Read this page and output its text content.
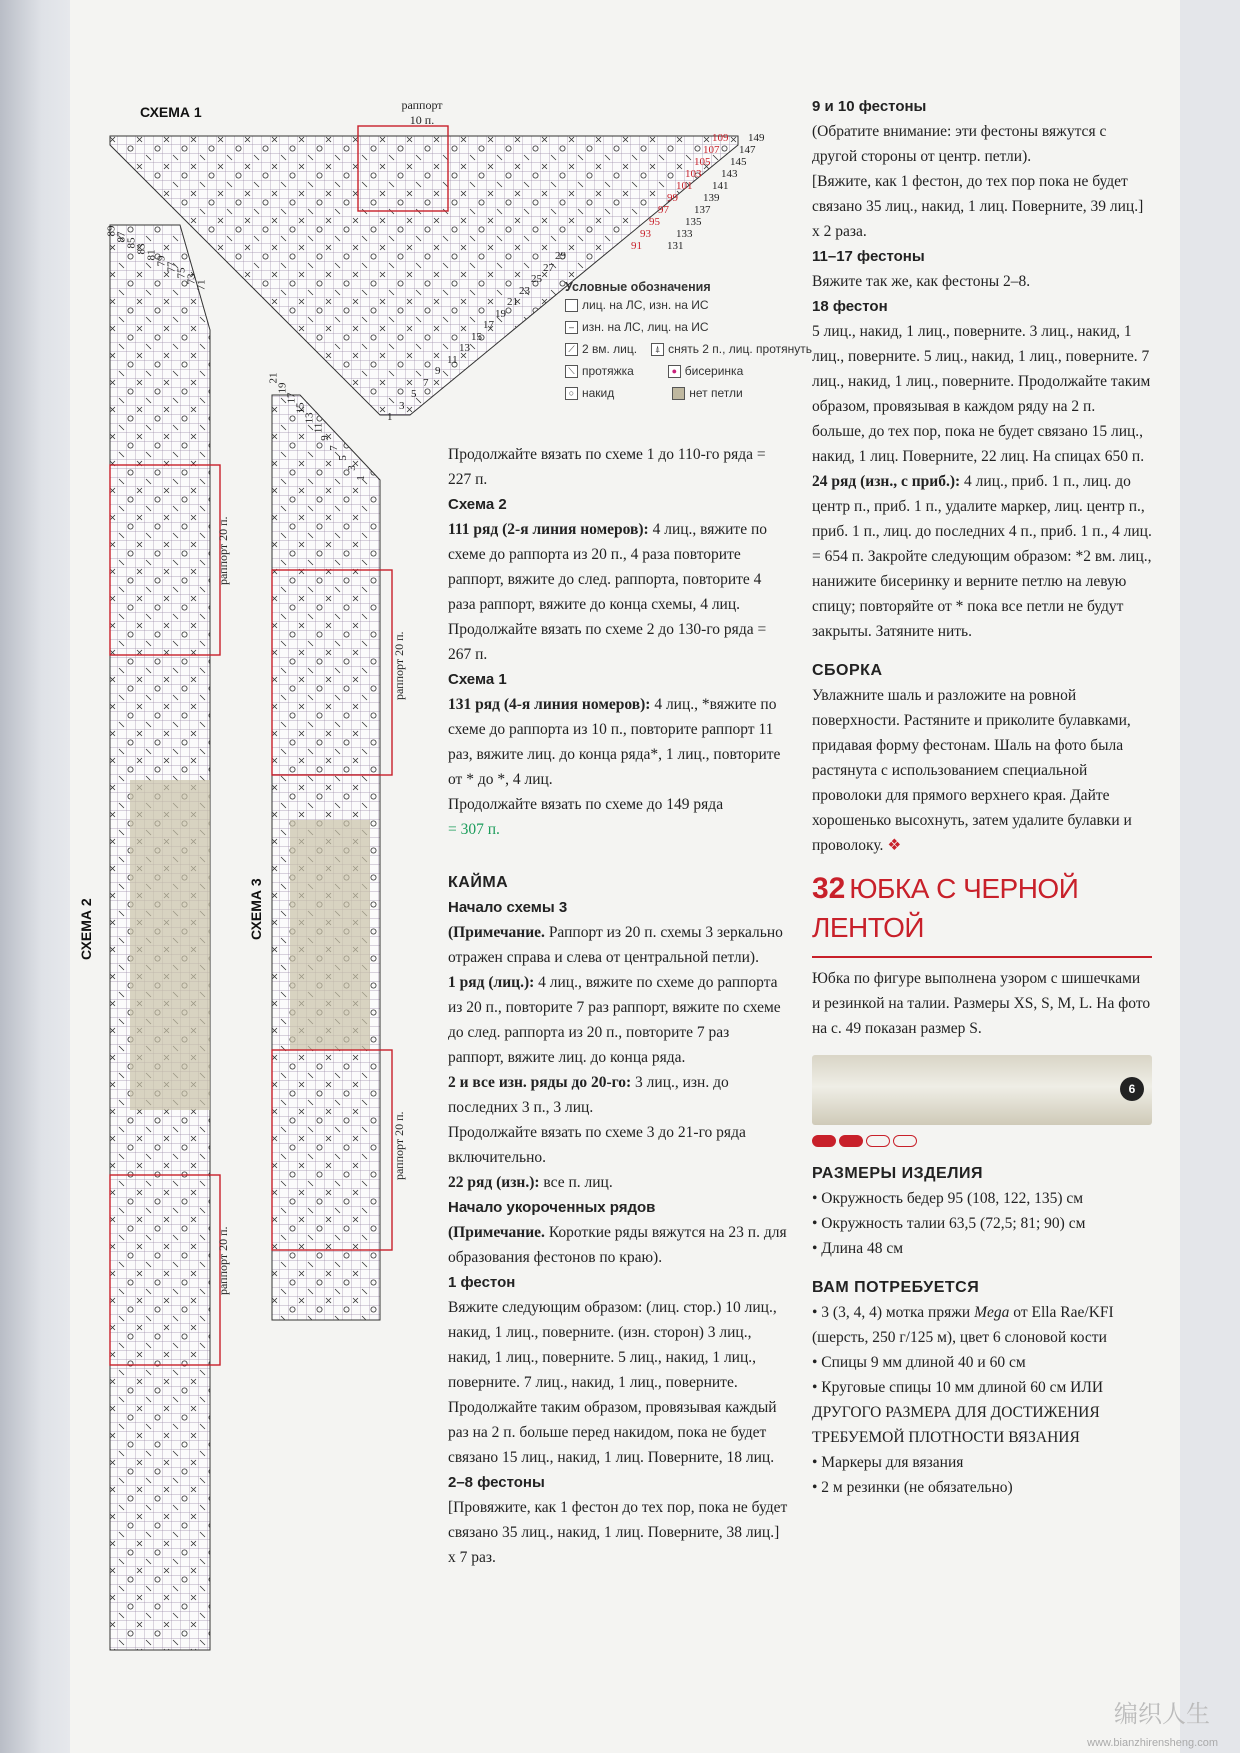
СХЕМА 1	раппорт
10 п.
СХЕМА 2	СХЕМА 3
раппорт 20 п.
раппорт 20 п.
раппорт 20 п.
раппорт 20 п.
109 149
107 147
105 145
103 143
101 141
99 139
97 137
95 135
93 133
91 131
29
27
25
23
21
19
17
15
13
11
9
7
5
3
1
89
87
85
83
81
79
77
75
73
71
21
19
17
15
13
11
9
7
5
3
1
Условные обозначения
лиц. на ЛС, изн. на ИС
– изн. на ЛС, лиц. на ИС
⟋ 2 вм. лиц.	⍋ снять 2 п., лиц. протянуть
⟍ протяжка	● бисеринка
○ накид	нет петли

Продолжайте вязать по схеме 1 до 110-го ряда = 227 п.

Схема 2

111 ряд (2-я линия номеров): 4 лиц., вяжите по схеме до раппорта из 20 п., 4 раза повторите раппорт, вяжите до след. раппорта, повторите 4 раза раппорт, вяжите до конца схемы, 4 лиц.

Продолжайте вязать по схеме 2 до 130-го ряда = 267 п.

Схема 1

131 ряд (4-я линия номеров): 4 лиц., *вяжите по схеме до раппорта из 10 п., повторите раппорт 11 раз, вяжите лиц. до конца ряда*, 1 лиц., повторите от * до *, 4 лиц.

Продолжайте вязать по схеме до 149 ряда
= 307 п.

КАЙМА

Начало схемы 3

(Примечание. Раппорт из 20 п. схемы 3 зеркально отражен справа и слева от центральной петли).

1 ряд (лиц.): 4 лиц., вяжите по схеме до раппорта из 20 п., повторите 7 раз раппорт, вяжите по схеме до след. раппорта из 20 п., повторите 7 раз раппорт, вяжите лиц. до конца ряда.

2 и все изн. ряды до 20-го: 3 лиц., изн. до последних 3 п., 3 лиц.

Продолжайте вязать по схеме 3 до 21-го ряда включительно.

22 ряд (изн.): все п. лиц.

Начало укороченных рядов

(Примечание. Короткие ряды вяжутся на 23 п. для образования фестонов по краю).

1 фестон

Вяжите следующим образом: (лиц. стор.) 10 лиц., накид, 1 лиц., поверните. (изн. сторон) 3 лиц., накид, 1 лиц., поверните. 5 лиц., накид, 1 лиц., поверните. 7 лиц., накид, 1 лиц., поверните. Продолжайте таким образом, провязывая каждый раз на 2 п. больше перед накидом, пока не будет связано 15 лиц., накид, 1 лиц. Поверните, 18 лиц.

2–8 фестоны

[Провяжите, как 1 фестон до тех пор, пока не будет связано 35 лиц., накид, 1 лиц. Поверните, 38 лиц.] х 7 раз.

9 и 10 фестоны

(Обратите внимание: эти фестоны вяжутся с другой стороны от центр. петли).

[Вяжите, как 1 фестон, до тех пор пока не будет связано 35 лиц., накид, 1 лиц. Поверните, 39 лиц.] х 2 раза.

11–17 фестоны

Вяжите так же, как фестоны 2–8.

18 фестон

5 лиц., накид, 1 лиц., поверните. 3 лиц., накид, 1 лиц., поверните. 5 лиц., накид, 1 лиц., поверните. 7 лиц., накид, 1 лиц., поверните. Продолжайте таким образом, провязывая в каждом ряду на 2 п. больше, до тех пор, пока не будет связано 15 лиц., накид, 1 лиц. Поверните, 22 лиц. На спицах 650 п.

24 ряд (изн., с приб.): 4 лиц., приб. 1 п., лиц. до центр п., приб. 1 п., удалите маркер, лиц. центр п., приб. 1 п., лиц. до последних 4 п., приб. 1 п., 4 лиц. = 654 п. Закройте следующим образом: *2 вм. лиц., нанижите бисеринку и верните петлю на левую спицу; повторяйте от * пока все петли не будут закрыты. Затяните нить.

СБОРКА

Увлажните шаль и разложите на ровной поверхности. Растяните и приколите булавками, придавая форму фестонам. Шаль на фото была растянута с использованием специальной проволоки для прямого верхнего края. Дайте хорошенько высохнуть, затем удалите булавки и проволоку. ❖

32 ЮБКА С ЧЕРНОЙ
ЛЕНТОЙ

Юбка по фигуре выполнена узором с шишечками и резинкой на талии. Размеры XS, S, M, L. На фото на с. 49 показан размер S.

6

РАЗМЕРЫ ИЗДЕЛИЯ

• Окружность бедер 95 (108, 122, 135) см

• Окружность талии 63,5 (72,5; 81; 90) см

• Длина 48 см

ВАМ ПОТРЕБУЕТСЯ

• 3 (3, 4, 4) мотка пряжи Mega от Ella Rae/KFI (шерсть, 250 г/125 м), цвет 6 слоновой кости

• Спицы 9 мм длиной 40 и 60 см

• Круговые спицы 10 мм длиной 60 см ИЛИ ДРУГОГО РАЗМЕРА ДЛЯ ДОСТИЖЕНИЯ ТРЕБУЕМОЙ ПЛОТНОСТИ ВЯЗАНИЯ

• Маркеры для вязания

• 2 м резинки (не обязательно)

编织人生
www.bianzhirensheng.com
